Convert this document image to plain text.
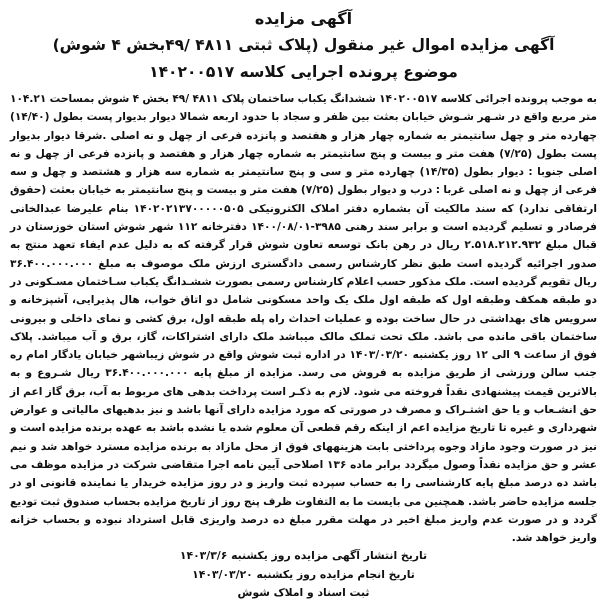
آگهی مزایده
آگهی مزایده اموال غیر منقول (پلاک ثبتی ۴۸۱۱ /۴۹بخش ۴ شوش)
موضوع پرونده اجرایی کلاسه ۱۴۰۲۰۰۵۱۷

به موجب پرونده اجرائی کلاسه ۱۴۰۲۰۰۵۱۷ ششدانگ یکباب ساختمان پلاک ۴۸۱۱ /۴۹ بخش ۴ شوش بمساحت ۱۰۴.۲۱ متر مربع واقع در شـهر شـوش خیابان بعثت بین ظفر و سجاد با حدود اربعه شمالا دیوار بدیوار پست بطول (۱۴/۴۰) چهارده متر و چهل سانتیمتر به شماره چهار هزار و هفتصد و پانزده فرعی از چهل و نه اصلی .شرقا دیوار بدیوار پست بطول (۷/۲۵) هفت متر و بیست و پنج سانتیمتر به شماره چهار هزار و هفتصد و پانزده فرعی از چهل و نه اصلی جنوبا : دیوار بطول (۱۴/۳۵) چهارده متر و سی و پنج سانتیمتر به شماره سه هزار و هشتصد و چهل و سه فرعی از چهل و نه اصلی غربا : درب و دیوار بطول (۷/۲۵) هفت متر و بیست و پنج سانتیمتر به خیابان بعثت (حقوق ارتفاقی ندارد) که سند مالکیت آن بشماره دفتر املاک الکترونیکی ۱۴۰۲۰۲۱۳۷۰۰۰۰۰۵۰۵ بنام علیرضا عبدالخانی فرصادر و تسلیم گردیده است و برابر سند رهنی ۳۹۸۵-۱۴۰۰/۰۸/۰۱ دفترخانه ۱۱۲ شهر شوش استان خوزستان در قبال مبلغ ۲.۵۱۸.۲۱۲.۹۳۲ ریال در رهن بانک توسعه تعاون شوش قرار گرفته که به دلیل عدم ایفاء تعهد منتج به صدور اجرائیه گردیده است طبق نظر کارشناس رسمی دادگستری ارزش ملک موصوف به مبلغ ۳۶.۴۰۰.۰۰۰.۰۰۰ ریال تقویم گردیده است. ملک مذکور حسب اعلام کارشناس رسمی بصورت ششـدانگ یکباب سـاختمان مسـکونی در دو طبقه همکف وطبقه اول که طبقه اول ملک یک واحد مسکونی شامل دو اتاق خواب، هال پذیرایی، آشپزخانه و سرویس های بهداشتی در حال ساخت بوده و عملیات احداث راه پله طبقه اول، برق کشی و نمای داخلی و بیرونی ساختمان باقی مانده می باشد. ملک تحت تملک مالک میباشد ملک دارای اشتراکات، گاز، برق و آب میباشد. پلاک فوق از ساعت ۹ الی ۱۲ روز یکشنبه ۱۴۰۳/۰۳/۲۰ در اداره ثبت شوش واقع در شوش زیباشهر خیابان یادگار امام ره جنب سالن ورزشی از طریق مزایده به فروش می رسد. مزایده از مبلغ پایه ۳۶.۴۰۰.۰۰۰.۰۰۰ ریال شـروع و به بالاترین قیمت پیشنهادی نقداً فروخته می شود. لازم به ذکـر است پرداخت بدهی های مربوط به آب، برق گاز اعم از حق انشـعاب و یا حق اشتـراک و مصرف در صورتی که مورد مزایده دارای آنها باشد و نیز بدهیهای مالیاتی و عوارض شهرداری و غیره تا تاریخ مزایده اعم از اینکه رقم قطعی آن معلوم شده یا نشده باشد به عهده برنده مزایده است و نیز در صورت وجود مازاد وجوه پرداختی بابت هزینههای فوق از محل مازاد به برنده مزایده مسترد خواهد شد و نیم عشر و حق مزایده نقداً وصول میگردد برابر ماده ۱۳۶ اصلاحی آیین نامه اجرا متقاضی شرکت در مزایده موظف می باشد ده درصد مبلغ پایه کارشناسی را به حساب سپرده ثبت واریز و در روز مزایده خریدار یا نماینده قانونی او در جلسه مزایده حاضر باشد. همچنین می بایست ما به التفاوت ظرف پنج روز از تاریخ مزایده بحساب صندوق ثبت تودیع گردد و در صورت عدم واریز مبلغ اخیر در مهلت مقرر مبلغ ده درصد واریزی قابل استرداد نبوده و بحساب خزانه واریز خواهد شد.

تاریخ انتشار آگهی مزایده روز یکشنبه ۱۴۰۳/۳/۶

تاریخ انجام مزایده روز یکشنبه ۱۴۰۳/۰۳/۲۰

ثبت اسناد و املاک شوش
